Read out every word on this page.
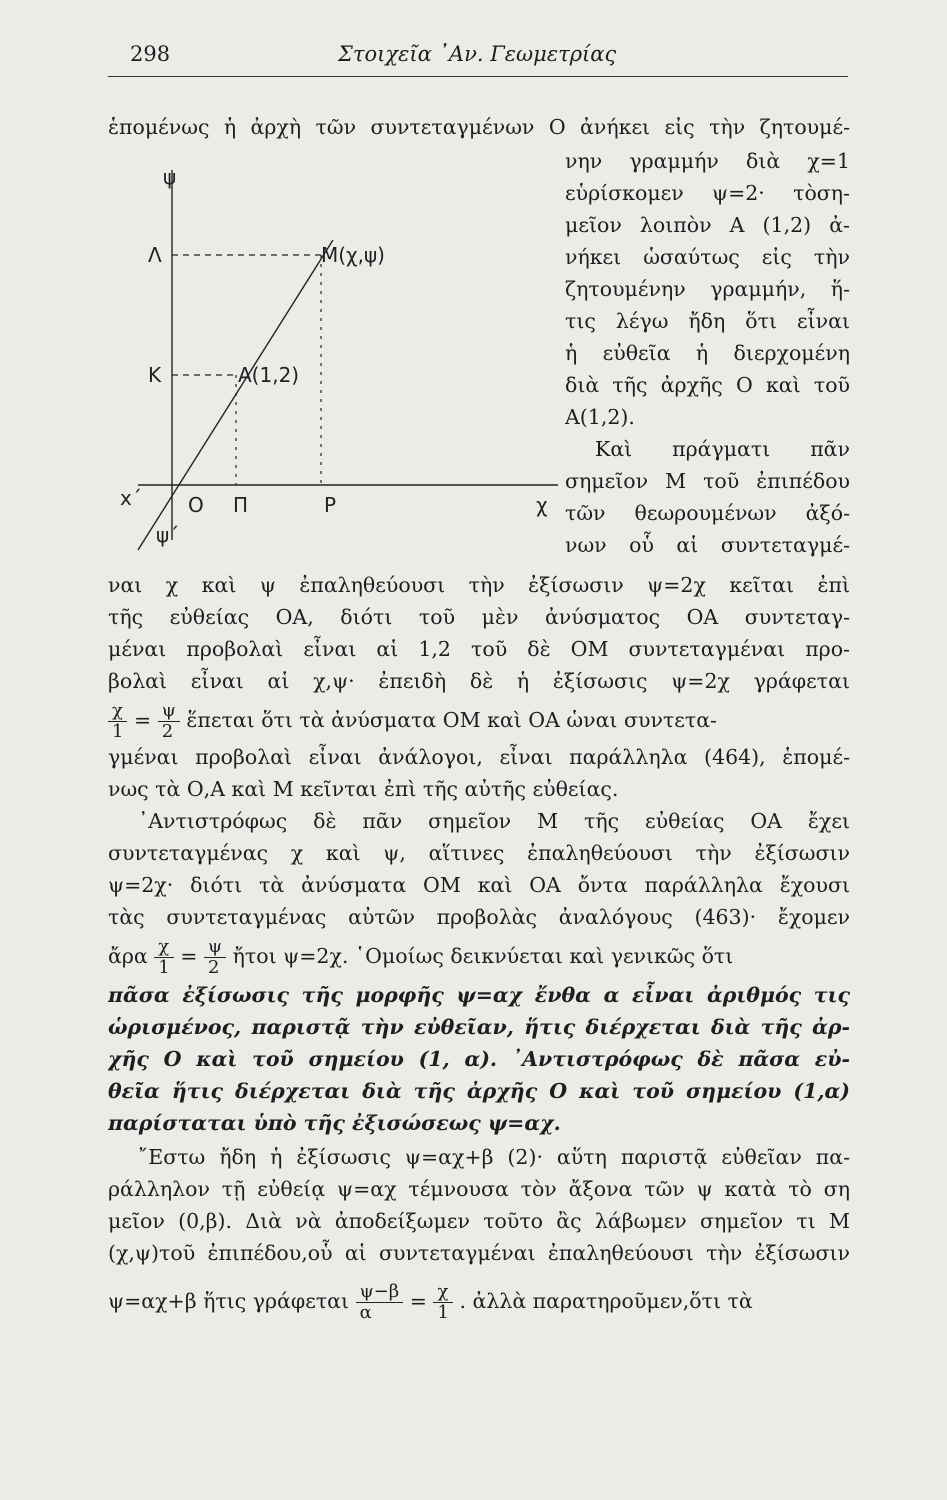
298	Στοιχεῖα ᾿Αν. Γεωμετρίας
ἑπομένως ἡ ἀρχὴ τῶν συντεταγμένων Ο ἀνήκει εἰς τὴν ζητουμέ-
ψ
Λ	M(χ,ψ)
K	A(1,2)
x΄ O Π	P	χ
ψ΄
νην γραμμήν διὰ χ=1
εὑρίσκομεν ψ=2· τὸση-
μεῖον λοιπὸν Α (1,2) ἀ-
νήκει ὡσαύτως εἰς τὴν
ζητουμένην γραμμήν, ἥ-
τις λέγω ἤδη ὅτι εἶναι
ἡ εὐθεῖα ἡ διερχομένη
διὰ τῆς ἀρχῆς Ο καὶ τοῦ
Α(1,2).
Καὶ πράγματι πᾶν
σημεῖον Μ τοῦ ἐπιπέδου
τῶν θεωρουμένων ἀξό-
νων οὗ αἱ συντεταγμέ-
ναι χ καὶ ψ ἐπαληθεύουσι τὴν ἐξίσωσιν ψ=2χ κεῖται ἐπὶ
τῆς εὐθείας ΟΑ, διότι τοῦ μὲν ἀνύσματος ΟΑ συντεταγ-
μέναι προβολαὶ εἶναι αἱ 1,2 τοῦ δὲ ΟΜ συντεταγμέναι προ-
βολαὶ εἶναι αἱ χ,ψ· ἐπειδὴ δὲ ἡ ἐξίσωσις ψ=2χ γράφεται
$\frac{\chi}{1} = \frac{\psi}{2}$ ἕπεται ὅτι τὰ ἀνύσματα ΟΜ καὶ ΟΑ ὡναι συντετα-
γμέναι προβολαὶ εἶναι ἀνάλογοι, εἶναι παράλληλα (464), ἑπομέ-
νως τὰ Ο,Α καὶ Μ κεῖνται ἐπὶ τῆς αὐτῆς εὐθείας.
᾿Αντιστρόφως δὲ πᾶν σημεῖον Μ τῆς εὐθείας ΟΑ ἔχει
συντεταγμένας χ καὶ ψ, αἵτινες ἐπαληθεύουσι τὴν ἐξίσωσιν
ψ=2χ· διότι τὰ ἀνύσματα ΟΜ καὶ ΟΑ ὄντα παράλληλα ἔχουσι
τὰς συντεταγμένας αὐτῶν προβολὰς ἀναλόγους (463)· ἔχομεν
ἄρα $\frac{\chi}{1} = \frac{\psi}{2}$ ἤτοι ψ=2χ. ῾Ομοίως δεικνύεται καὶ γενικῶς ὅτι
πᾶσα ἐξίσωσις τῆς μορφῆς ψ=αχ ἔνθα α εἶναι ἀριθμός τις
ὡρισμένος, παριστᾷ τὴν εὐθεῖαν, ἥτις διέρχεται διὰ τῆς ἀρ-
χῆς Ο καὶ τοῦ σημείου (1, α). ᾿Αντιστρόφως δὲ πᾶσα εὐ-
θεῖα ἥτις διέρχεται διὰ τῆς ἀρχῆς Ο καὶ τοῦ σημείου (1,α)
παρίσταται ὑπὸ τῆς ἐξισώσεως ψ=αχ.
῎Εστω ἤδη ἡ ἐξίσωσις ψ=αχ+β (2)· αὕτη παριστᾷ εὐθεῖαν πα-
ράλληλον τῇ εὐθείᾳ ψ=αχ τέμνουσα τὸν ἄξονα τῶν ψ κατὰ τὸ ση
μεῖον (0,β). Διὰ νὰ ἀποδείξωμεν τοῦτο ἂς λάβωμεν σημεῖον τι Μ
(χ,ψ)τοῦ ἐπιπέδου,οὗ αἱ συντεταγμέναι ἐπαληθεύουσι τὴν ἐξίσωσιν
ψ=αχ+β ἥτις γράφεται $\frac{\psi-\beta}{\alpha} = \frac{\chi}{1}$ . ἀλλὰ παρατηροῦμεν,ὅτι τὰ
